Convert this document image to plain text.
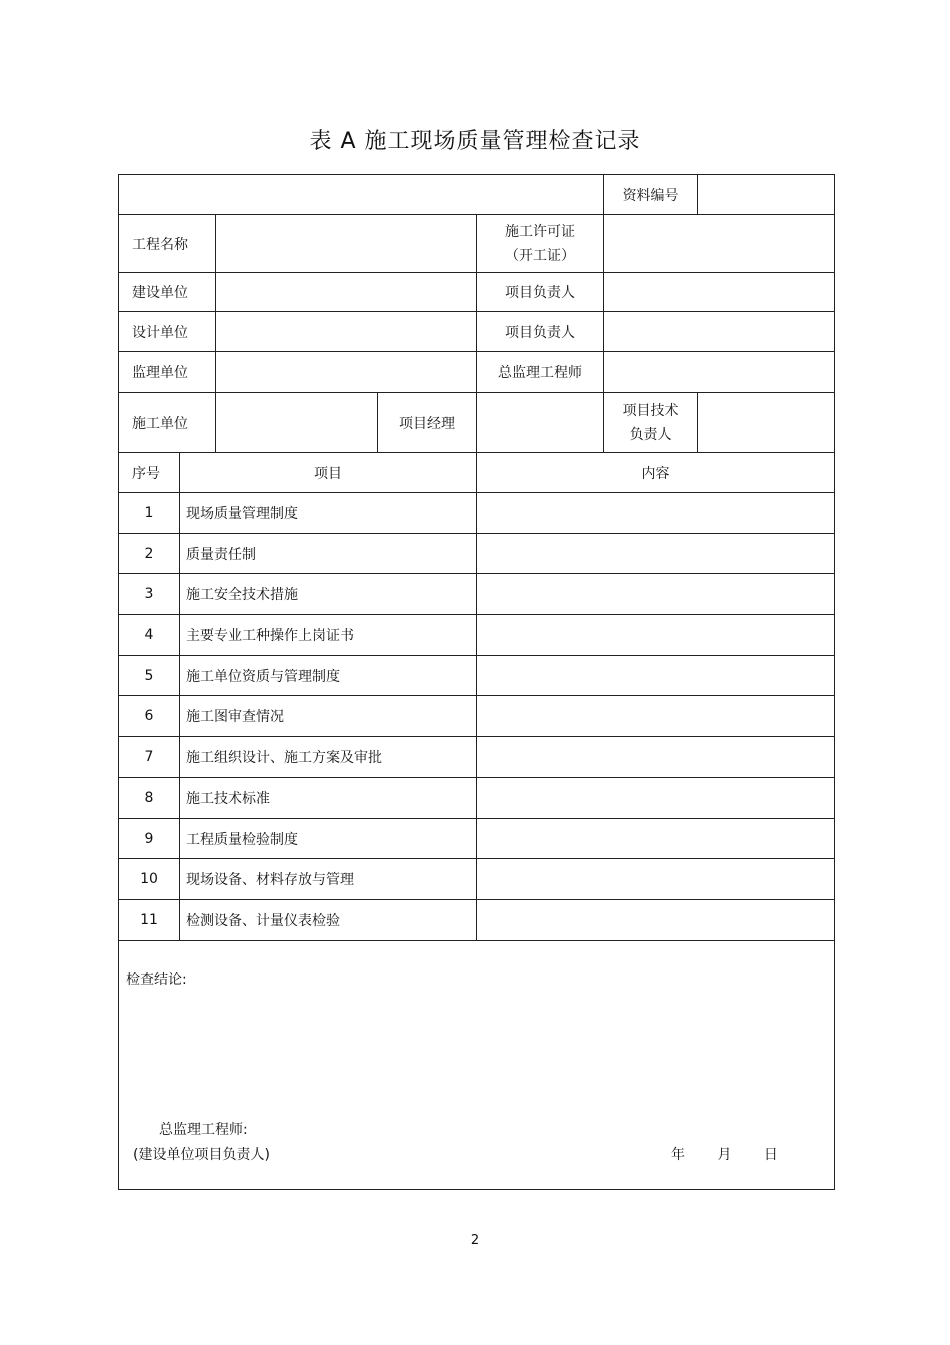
表 A 施工现场质量管理检查记录
					资料编号	
工程名称				施工许可证
（开工证）		
建设单位				项目负责人		
设计单位				项目负责人		
监理单位				总监理工程师		
施工单位			项目经理		项目技术
负责人	
序号	项目			内容		
1	现场质量管理制度					
2	质量责任制					
3	施工安全技术措施					
4	主要专业工种操作上岗证书					
5	施工单位资质与管理制度					
6	施工图审查情况					
7	施工组织设计、施工方案及审批					
8	施工技术标准					
9	工程质量检验制度					
10	现场设备、材料存放与管理					
11	检测设备、计量仪表检验					

检查结论:
总监理工程师:
(建设单位项目负责人) 年 月 日						
2
